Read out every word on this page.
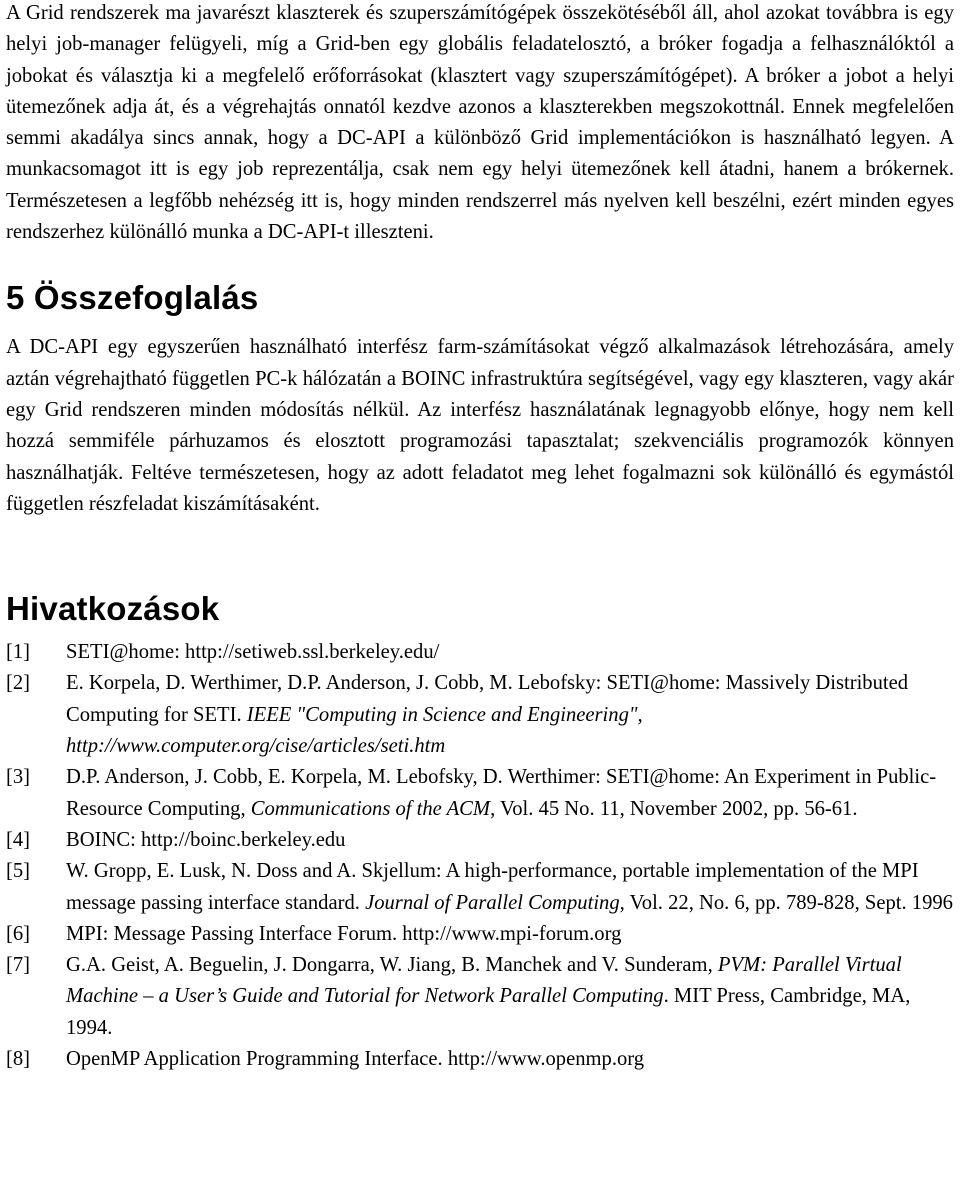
A Grid rendszerek ma javarészt klaszterek és szuperszámítógépek összekötéséből áll, ahol azokat továbbra is egy helyi job-manager felügyeli, míg a Grid-ben egy globális feladatelosztó, a bróker fogadja a felhasználóktól a jobokat és választja ki a megfelelő erőforrásokat (klasztert vagy szuperszámítógépet). A bróker a jobot a helyi ütemezőnek adja át, és a végrehajtás onnatól kezdve azonos a klaszterekben megszokottnál. Ennek megfelelően semmi akadálya sincs annak, hogy a DC-API a különböző Grid implementációkon is használható legyen. A munkacsomagot itt is egy job reprezentálja, csak nem egy helyi ütemezőnek kell átadni, hanem a brókernek. Természetesen a legfőbb nehézség itt is, hogy minden rendszerrel más nyelven kell beszélni, ezért minden egyes rendszerhez különálló munka a DC-API-t illeszteni.

5 Összefoglalás

A DC-API egy egyszerűen használható interfész farm-számításokat végző alkalmazások létrehozására, amely aztán végrehajtható független PC-k hálózatán a BOINC infrastruktúra segítségével, vagy egy klaszteren, vagy akár egy Grid rendszeren minden módosítás nélkül. Az interfész használatának legnagyobb előnye, hogy nem kell hozzá semmiféle párhuzamos és elosztott programozási tapasztalat; szekvenciális programozók könnyen használhatják. Feltéve természetesen, hogy az adott feladatot meg lehet fogalmazni sok különálló és egymástól független részfeladat kiszámításaként.

Hivatkozások
[1] SETI@home: http://setiweb.ssl.berkeley.edu/
[2] E. Korpela, D. Werthimer, D.P. Anderson, J. Cobb, M. Lebofsky: SETI@home: Massively Distributed Computing for SETI. IEEE "Computing in Science and Engineering", http://www.computer.org/cise/articles/seti.htm
[3] D.P. Anderson, J. Cobb, E. Korpela, M. Lebofsky, D. Werthimer: SETI@home: An Experiment in Public-Resource Computing, Communications of the ACM, Vol. 45 No. 11, November 2002, pp. 56-61.
[4] BOINC: http://boinc.berkeley.edu
[5] W. Gropp, E. Lusk, N. Doss and A. Skjellum: A high-performance, portable implementation of the MPI message passing interface standard. Journal of Parallel Computing, Vol. 22, No. 6, pp. 789-828, Sept. 1996
[6] MPI: Message Passing Interface Forum. http://www.mpi-forum.org
[7] G.A. Geist, A. Beguelin, J. Dongarra, W. Jiang, B. Manchek and V. Sunderam, PVM: Parallel Virtual Machine – a User’s Guide and Tutorial for Network Parallel Computing. MIT Press, Cambridge, MA, 1994.
[8] OpenMP Application Programming Interface. http://www.openmp.org
